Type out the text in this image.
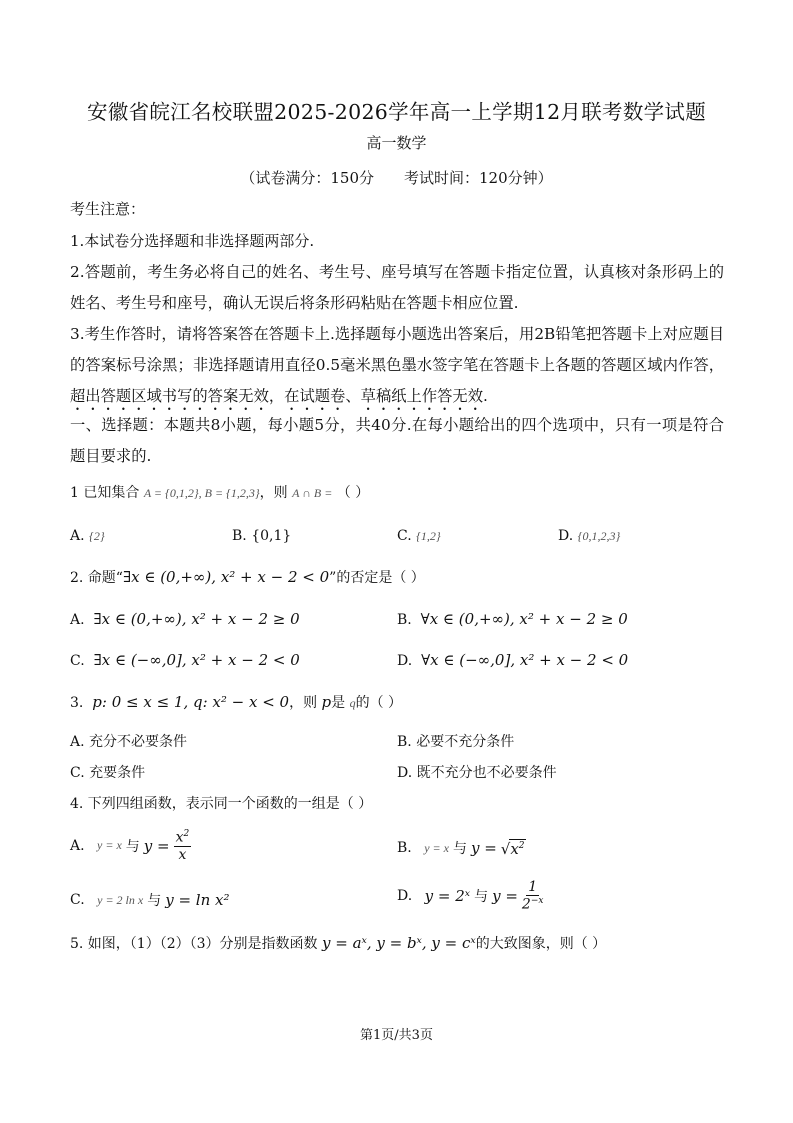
安徽省皖江名校联盟2025-2026学年高一上学期12月联考数学试题
高一数学
（试卷满分：150分 考试时间：120分钟）
考生注意：
1.本试卷分选择题和非选择题两部分.
2.答题前，考生务必将自己的姓名、考生号、座号填写在答题卡指定位置，认真核对条形码上的姓名、考生号和座号，确认无误后将条形码粘贴在答题卡相应位置.
3.考生作答时，请将答案答在答题卡上.选择题每小题选出答案后，用2B铅笔把答题卡上对应题目的答案标号涂黑；非选择题请用直径0.5毫米黑色墨水签字笔在答题卡上各题的答题区域内作答，超出答题区域书写的答案无效，在试题卷、草稿纸上作答无效.
一、选择题：本题共8小题，每小题5分，共40分.在每小题给出的四个选项中，只有一项是符合题目要求的.
1 已知集合 A = {0,1,2}, B = {1,2,3}，则 A ∩ B = （ ）
A. {2}	B. {0,1}	C. {1,2}	D. {0,1,2,3}
2. 命题“∃x ∈ (0,+∞), x² + x − 2 < 0”的否定是（ ）
A. ∃x ∈ (0,+∞), x² + x − 2 ≥ 0	B. ∀x ∈ (0,+∞), x² + x − 2 ≥ 0
C. ∃x ∈ (−∞,0], x² + x − 2 < 0	D. ∀x ∈ (−∞,0], x² + x − 2 < 0
3. p: 0 ≤ x ≤ 1, q: x² − x < 0，则 p是 q的（ ）
A. 充分不必要条件	B. 必要不充分条件
C. 充要条件	D. 既不充分也不必要条件
4. 下列四组函数，表示同一个函数的一组是（ ）
A.
y = x 与 $y = \frac{x^2}{x}$	B.
y = x 与 $y = √x^2$
C.
y = 2 ln x 与 y = ln x²	D.
y = 2ˣ 与 $y = \frac{1}{2^{-x}}$
5. 如图，（1）（2）（3）分别是指数函数 y = aˣ, y = bˣ, y = cˣ的大致图象，则（ ）
第1页/共3页
